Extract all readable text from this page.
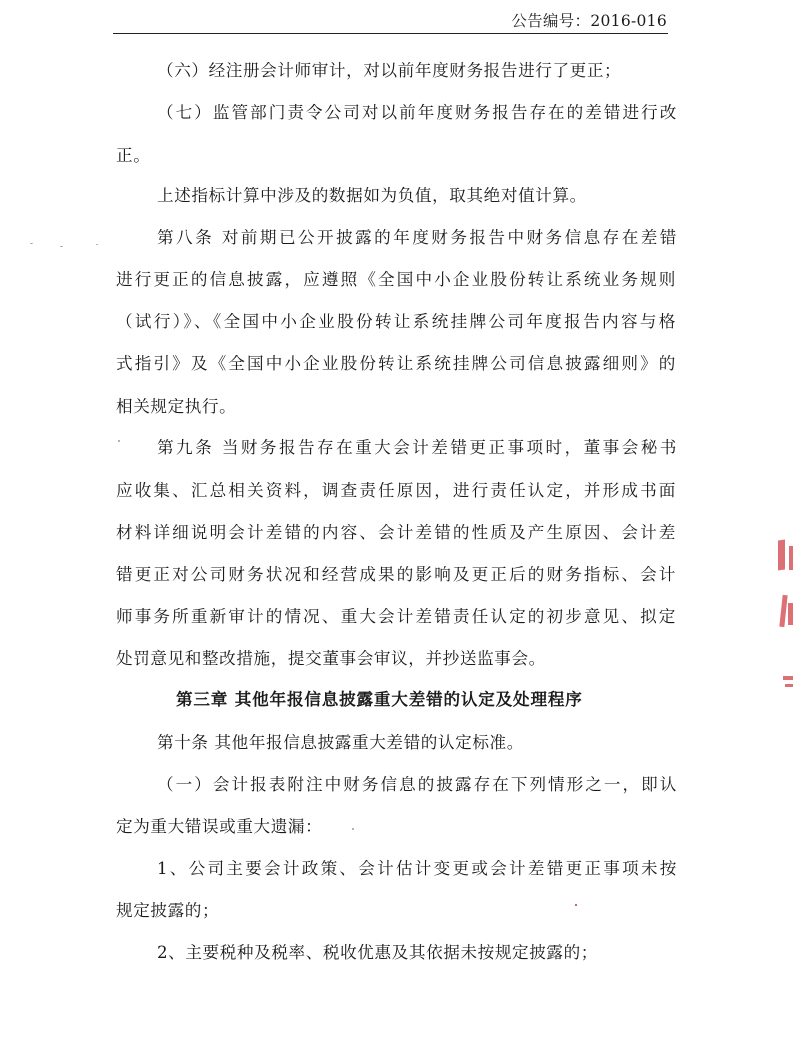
公告编号：2016-016
（六）经注册会计师审计，对以前年度财务报告进行了更正；
（七）监管部门责令公司对以前年度财务报告存在的差错进行改
正。
上述指标计算中涉及的数据如为负值，取其绝对值计算。
第八条 对前期已公开披露的年度财务报告中财务信息存在差错
进行更正的信息披露，应遵照《全国中小企业股份转让系统业务规则
（试行）》、《全国中小企业股份转让系统挂牌公司年度报告内容与格
式指引》及《全国中小企业股份转让系统挂牌公司信息披露细则》的
相关规定执行。
第九条 当财务报告存在重大会计差错更正事项时，董事会秘书
应收集、汇总相关资料，调查责任原因，进行责任认定，并形成书面
材料详细说明会计差错的内容、会计差错的性质及产生原因、会计差
错更正对公司财务状况和经营成果的影响及更正后的财务指标、会计
师事务所重新审计的情况、重大会计差错责任认定的初步意见、拟定
处罚意见和整改措施，提交董事会审议，并抄送监事会。
第三章 其他年报信息披露重大差错的认定及处理程序
第十条 其他年报信息披露重大差错的认定标准。
（一）会计报表附注中财务信息的披露存在下列情形之一，即认
定为重大错误或重大遗漏：
1、公司主要会计政策、会计估计变更或会计差错更正事项未按
规定披露的；
2、主要税种及税率、税收优惠及其依据未按规定披露的；
